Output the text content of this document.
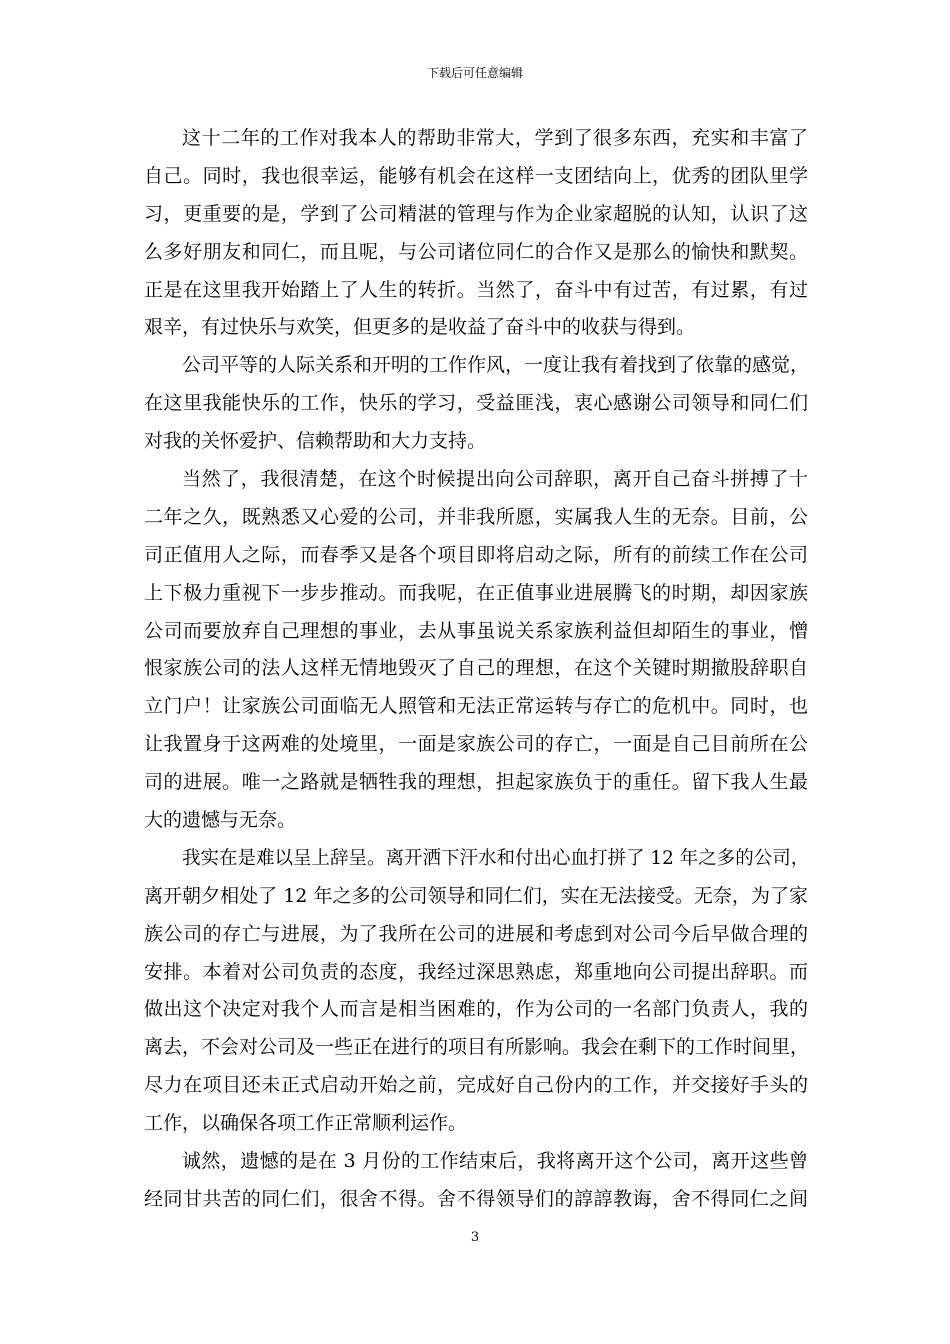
下载后可任意编辑
这十二年的工作对我本人的帮助非常大，学到了很多东西，充实和丰富了
自己。同时，我也很幸运，能够有机会在这样一支团结向上，优秀的团队里学
习，更重要的是，学到了公司精湛的管理与作为企业家超脱的认知，认识了这
么多好朋友和同仁，而且呢，与公司诸位同仁的合作又是那么的愉快和默契。
正是在这里我开始踏上了人生的转折。当然了，奋斗中有过苦，有过累，有过
艰辛，有过快乐与欢笑，但更多的是收益了奋斗中的收获与得到。
公司平等的人际关系和开明的工作作风，一度让我有着找到了依靠的感觉，
在这里我能快乐的工作，快乐的学习，受益匪浅，衷心感谢公司领导和同仁们
对我的关怀爱护、信赖帮助和大力支持。
当然了，我很清楚，在这个时候提出向公司辞职，离开自己奋斗拼搏了十
二年之久，既熟悉又心爱的公司，并非我所愿，实属我人生的无奈。目前，公
司正值用人之际，而春季又是各个项目即将启动之际，所有的前续工作在公司
上下极力重视下一步步推动。而我呢，在正值事业进展腾飞的时期，却因家族
公司而要放弃自己理想的事业，去从事虽说关系家族利益但却陌生的事业，憎
恨家族公司的法人这样无情地毁灭了自己的理想，在这个关键时期撤股辞职自
立门户！让家族公司面临无人照管和无法正常运转与存亡的危机中。同时，也
让我置身于这两难的处境里，一面是家族公司的存亡，一面是自己目前所在公
司的进展。唯一之路就是牺牲我的理想，担起家族负于的重任。留下我人生最
大的遗憾与无奈。
我实在是难以呈上辞呈。离开洒下汗水和付出心血打拼了 12 年之多的公司，
离开朝夕相处了 12 年之多的公司领导和同仁们，实在无法接受。无奈，为了家
族公司的存亡与进展，为了我所在公司的进展和考虑到对公司今后早做合理的
安排。本着对公司负责的态度，我经过深思熟虑，郑重地向公司提出辞职。而
做出这个决定对我个人而言是相当困难的，作为公司的一名部门负责人，我的
离去，不会对公司及一些正在进行的项目有所影响。我会在剩下的工作时间里，
尽力在项目还未正式启动开始之前，完成好自己份内的工作，并交接好手头的
工作，以确保各项工作正常顺利运作。
诚然，遗憾的是在 3 月份的工作结束后，我将离开这个公司，离开这些曾
经同甘共苦的同仁们，很舍不得。舍不得领导们的諄諄教诲，舍不得同仁之间
3
